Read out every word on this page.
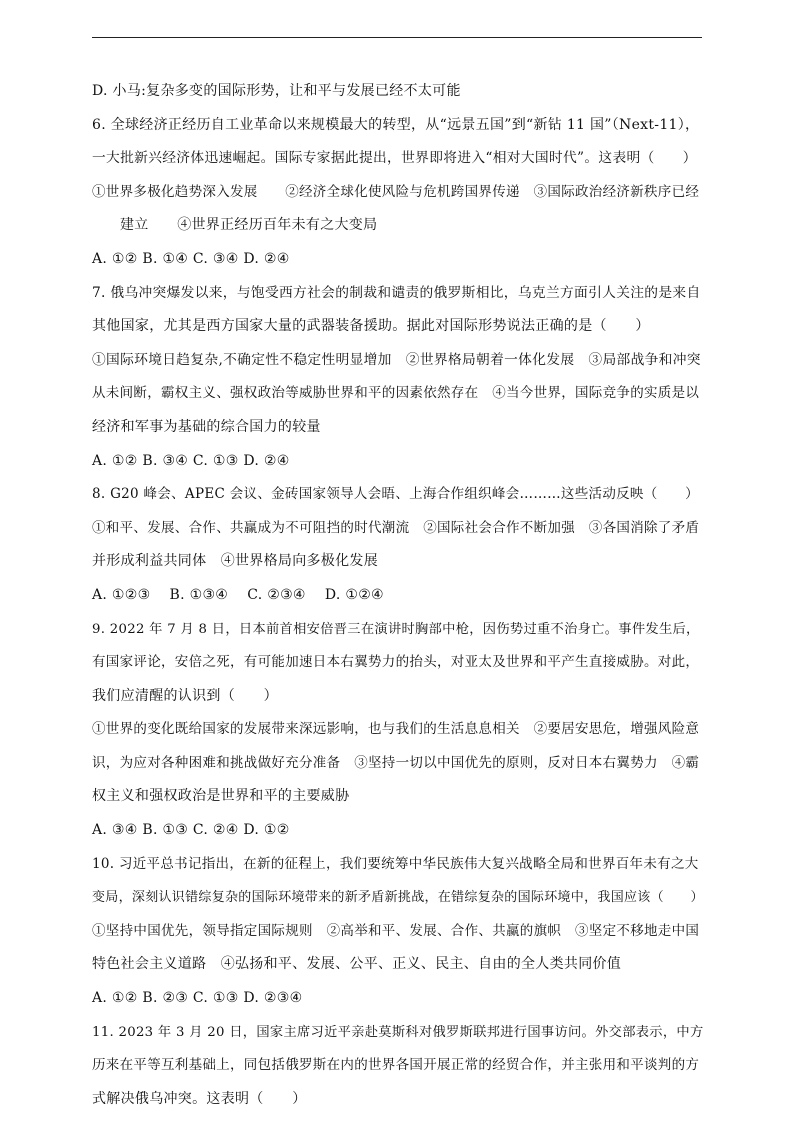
D. 小马:复杂多变的国际形势，让和平与发展已经不太可能
6. 全球经济正经历自工业革命以来规模最大的转型，从“远景五国”到“新钻 11 国”（Next-11），
一大批新兴经济体迅速崛起。国际专家据此提出，世界即将进入“相对大国时代”。这表明（　　）
①世界多极化趋势深入发展　　②经济全球化使风险与危机跨国界传递　③国际政治经济新秩序已经
建立　　④世界正经历百年未有之大变局
A. ①② B. ①④ C. ③④ D. ②④
7. 俄乌冲突爆发以来，与饱受西方社会的制裁和谴责的俄罗斯相比，乌克兰方面引人关注的是来自
其他国家，尤其是西方国家大量的武器装备援助。据此对国际形势说法正确的是（　　）
①国际环境日趋复杂,不确定性不稳定性明显增加　②世界格局朝着一体化发展　③局部战争和冲突
从未间断，霸权主义、强权政治等威胁世界和平的因素依然存在　④当今世界，国际竞争的实质是以
经济和军事为基础的综合国力的较量
A. ①② B. ③④ C. ①③ D. ②④
8. G20 峰会、APEC 会议、金砖国家领导人会晤、上海合作组织峰会………这些活动反映（　　）
①和平、发展、合作、共赢成为不可阻挡的时代潮流　②国际社会合作不断加强　③各国消除了矛盾
并形成利益共同体　④世界格局向多极化发展
A. ①②③　 B. ①③④　 C. ②③④　 D. ①②④
9. 2022 年 7 月 8 日，日本前首相安倍晋三在演讲时胸部中枪，因伤势过重不治身亡。事件发生后，
有国家评论，安倍之死，有可能加速日本右翼势力的抬头，对亚太及世界和平产生直接威胁。对此，
我们应清醒的认识到（　　）
①世界的变化既给国家的发展带来深远影响，也与我们的生活息息相关　②要居安思危，增强风险意
识，为应对各种困难和挑战做好充分准备　③坚持一切以中国优先的原则，反对日本右翼势力　④霸
权主义和强权政治是世界和平的主要威胁
A. ③④ B. ①③ C. ②④ D. ①②
10. 习近平总书记指出，在新的征程上，我们要统筹中华民族伟大复兴战略全局和世界百年未有之大
变局，深刻认识错综复杂的国际环境带来的新矛盾新挑战，在错综复杂的国际环境中，我国应该（　　）
①坚持中国优先，领导指定国际规则　②高举和平、发展、合作、共赢的旗帜　③坚定不移地走中国
特色社会主义道路　④弘扬和平、发展、公平、正义、民主、自由的全人类共同价值
A. ①② B. ②③ C. ①③ D. ②③④
11. 2023 年 3 月 20 日，国家主席习近平亲赴莫斯科对俄罗斯联邦进行国事访问。外交部表示，中方
历来在平等互利基础上，同包括俄罗斯在内的世界各国开展正常的经贸合作，并主张用和平谈判的方
式解决俄乌冲突。这表明（　　）
